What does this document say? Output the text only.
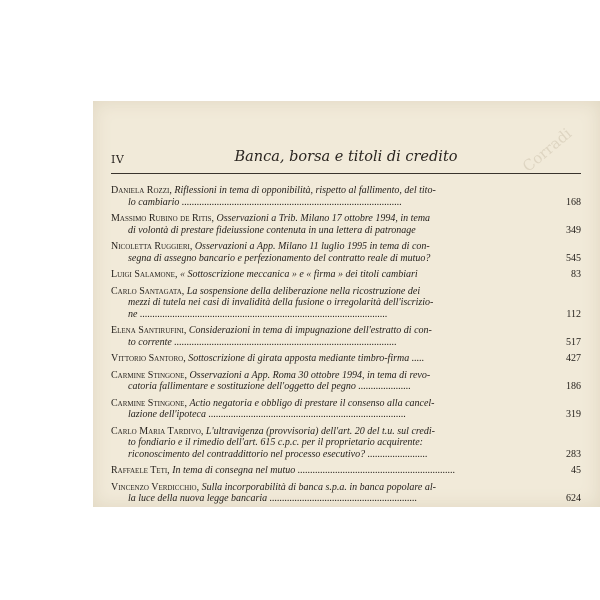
Corradi
IV	Banca, borsa e titoli di credito
Daniela Rozzi, Riflessioni in tema di opponibilità, rispetto al fallimento, del tito-
lo cambiario ........................................................................................	168
Massimo Rubino de Ritis, Osservazioni a Trib. Milano 17 ottobre 1994, in tema
di volontà di prestare fideiussione contenuta in una lettera di patronage	349
Nicoletta Ruggieri, Osservazioni a App. Milano 11 luglio 1995 in tema di con-
segna di assegno bancario e perfezionamento del contratto reale di mutuo?	545
Luigi Salamone, « Sottoscrizione meccanica » e « firma » dei titoli cambiari	83
Carlo Santagata, La sospensione della deliberazione nella ricostruzione dei
mezzi di tutela nei casi di invalidità della fusione o irregolarità dell'iscrizio-
ne ...................................................................................................	112
Elena Santirufini, Considerazioni in tema di impugnazione dell'estratto di con-
to corrente .........................................................................................	517
Vittorio Santoro, Sottoscrizione di girata apposta mediante timbro-firma .....	427
Carmine Stingone, Osservazioni a App. Roma 30 ottobre 1994, in tema di revo-
catoria fallimentare e sostituzione dell'oggetto del pegno .....................	186
Carmine Stingone, Actio negatoria e obbligo di prestare il consenso alla cancel-
lazione dell'ipoteca ...............................................................................	319
Carlo Maria Tardivo, L'ultravigenza (provvisoria) dell'art. 20 del t.u. sul credi-
to fondiario e il rimedio dell'art. 615 c.p.c. per il proprietario acquirente:
riconoscimento del contraddittorio nel processo esecutivo? ........................	283
Raffaele Teti, In tema di consegna nel mutuo ...............................................................	45
Vincenzo Verdicchio, Sulla incorporabilità di banca s.p.a. in banca popolare al-
la luce della nuova legge bancaria ...........................................................	624
